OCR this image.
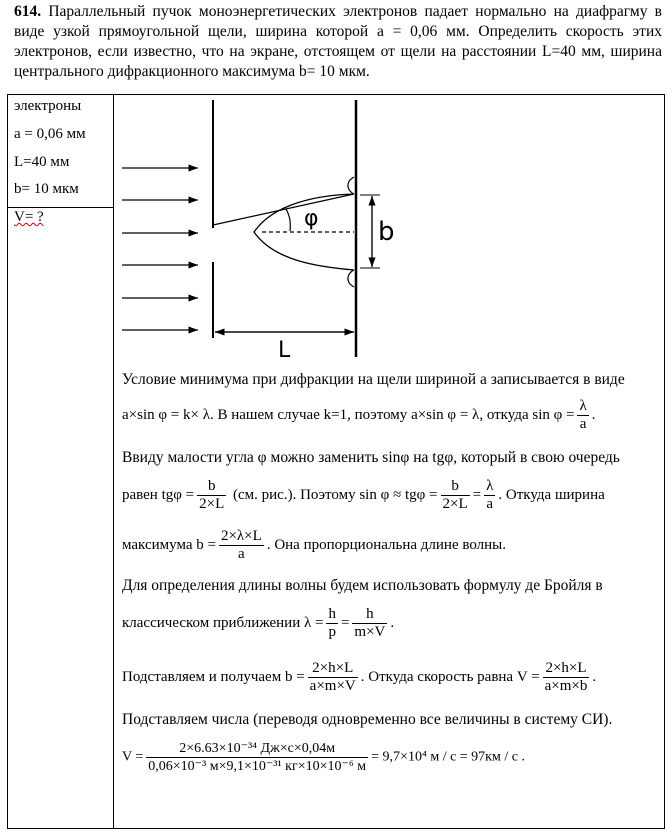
614. Параллельный пучок моноэнергетических электронов падает нормально на диафрагму в виде узкой прямоугольной щели, ширина которой a = 0,06 мм. Определить скорость этих электронов, если известно, что на экране, отстоящем от щели на расстоянии L=40 мм, ширина центрального дифракционного максимума b= 10 мкм.
электроны
a = 0,06 мм
L=40 мм
b= 10 мкм
V= ?	φ b
L
Условие минимума при дифракции на щели шириной a записывается в виде
a×sin φ = k× λ. В нашем случае k=1, поэтому a×sin φ = λ, откуда $\sin \varphi = \frac{\lambda}{a}$ .
Ввиду малости угла φ можно заменить sinφ на tgφ, который в свою очередь
равен $tg\varphi = \frac{b}{2\times L} (см$. рис.). Поэтому $\sin \varphi \approx tg\varphi = \frac{b}{2\times L} = \frac{\lambda}{a}$ . Откуда ширина
максимума $b = \frac{2\times\lambda\times L}{a}$ . Она пропорциональна длине волны.
Для определения длины волны будем использовать формулу де Бройля в
классическом приближении $\lambda = \frac{h}{p} = \frac{h}{m\times V}$ .
Подставляем и получаем $b = \frac{2\times h\times L}{a\times m\times V}$ . Откуда скорость равна $V = \frac{2\times h\times L}{a\times m\times b}$ .
Подставляем числа (переводя одновременно все величины в систему СИ).
$V = \frac{\text{2×6.63×10⁻³⁴ Дж×с×0,04м}}{\text{0,06×10⁻³ м×9,1×10⁻³¹ кг×10×10⁻⁶ м}} = 9,7\times 10^4$ м / с = 97км / с .
